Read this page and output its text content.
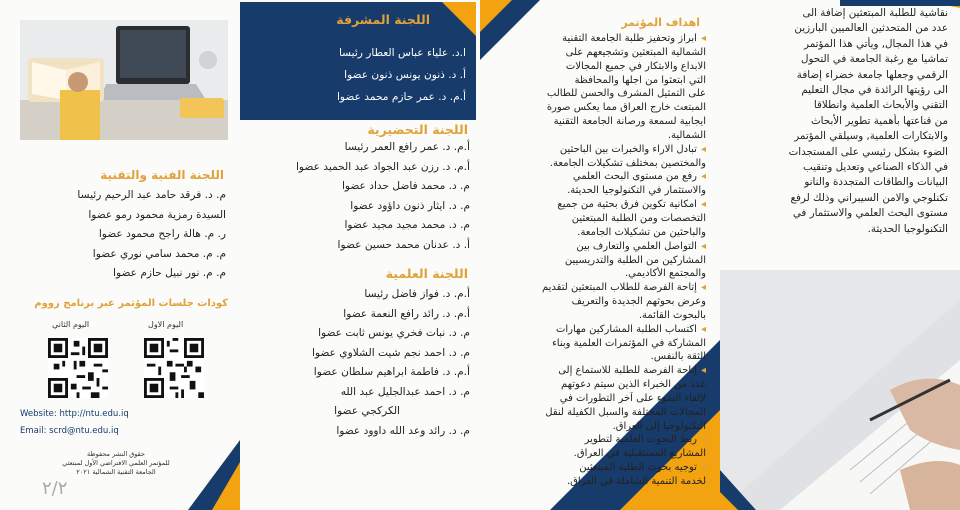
اللجنة الفنية والتقنية
م. د. فرقد حامد عبد الرحيم رئيسا
السيدة رمزية محمود رمو عضوا
ر. م. هالة راجح محمود عضوا
م. م. محمد سامي نوري عضوا
م. م. نور نبيل حازم عضوا
كودات جلسات المؤتمر عبر برنامج زووم
اليوم الاول
اليوم الثاني
Website: http://ntu.edu.iq
Email: scrd@ntu.edu.iq
حقوق النشر محفوظة
للمؤتمر العلمي الافتراضي الأول لمبتعثي
الجامعة التقنية الشمالية ٢٠٢١
٢/٢
اللجنة المشرفة
ا.د. علياء عباس العطار رئيسا
أ. د. ذنون يونس ذنون عضوا
أ.م. د. عمر حازم محمد عضوا
اللجنة التحضيرية
أ.م. د. عمر رافع العمر رئيسا
أ.م. د. رزن عبد الجواد عبد الحميد عضوا
م. د. محمد فاضل حداد عضوا
م. د. ايثار ذنون داؤود عضوا
م. د. محمد مجيد مجيد عضوا
أ. د. عدنان محمد حسين عضوا
اللجنة العلمية
أ.م. د. فواز فاضل رئيسا
أ.م. د. رائد رافع النعمة عضوا
م. د. نبات فخري يونس ثابت عضوا
م. د. احمد نجم شيت الشلاوي عضوا
أ.م. د. فاطمة ابراهيم سلطان عضوا
م. د. احمد عبدالجليل عبد الله
الكركجي عضوا
م. د. رائد وعد الله داوود عضوا
اهداف المؤتمر
◂ابراز وتحفيز طلبة الجامعة التقنية
الشمالية المبتعثين وتشجيعهم على
الابداع والابتكار في جميع المجالات
التي ابتعثوا من اجلها والمحافظة
على التمثيل المشرف والحسن للطالب
المبتعث خارج العراق مما يعكس صورة
ايجابية لسمعة ورصانة الجامعة التقنية
الشمالية.
◂تبادل الاراء والخبرات بين الباحثين
والمختصين بمختلف تشكيلات الجامعة.
◂رفع من مستوى البحث العلمي
والاستثمار في التكنولوجيا الحديثة.
◂امكانية تكوين فرق بحثية من جميع
التخصصات ومن الطلبة المبتعثين
والباحثين من تشكيلات الجامعة.
◂التواصل العلمي والتعارف بين
المشاركين من الطلبة والتدريسيين
والمجتمع الأكاديمي.
◂إتاحة الفرصة للطلاب المبتعثين لتقديم
وعرض بحوثهم الجديدة والتعريف
بالبحوث القائمة.
◂اكتساب الطلبة المشاركين مهارات
المشاركة في المؤتمرات العلمية وبناء
الثقة بالنفس.
◂إتاحة الفرصة للطلبة للاستماع إلى
عدد من الخبراء الذين سيتم دعوتهم
لإلقاء الضوء على آخر التطورات في
المجالات المختلفة والسبل الكفيلة لنقل
التكنولوجيا إلى العراق.
◂ربط البحوث العلمية لتطوير
المشاريع المستقبلية في العراق.
◂توجيه بحوث الطلبة المبتعثين
لخدمة التنمية الشاملة في العراق.
نقاشية للطلبة المبتعثين إضافة الى
عدد من المتحدثين العالميين البارزين
في هذا المجال, ويأتي هذا المؤتمر
تماشيا مع رغبة الجامعة في التحول
الرقمي وجعلها جامعة خضراء إضافة
الى رؤيتها الرائدة في مجال التعليم
التقني والأبحاث العلمية وانطلاقا
من قناعتها بأهمية تطوير الأبحاث
والابتكارات العلمية, وسيلقي المؤتمر
الضوء بشكل رئيسي على المستجدات
في الذكاء الصناعي وتعديل وتنقيب
البيانات والطاقات المتجددة والنانو
تكنلوجي والامن السيبراني وذلك لرفع
مستوى البحث العلمي والاستثمار في
التكنولوجيا الحديثة.
